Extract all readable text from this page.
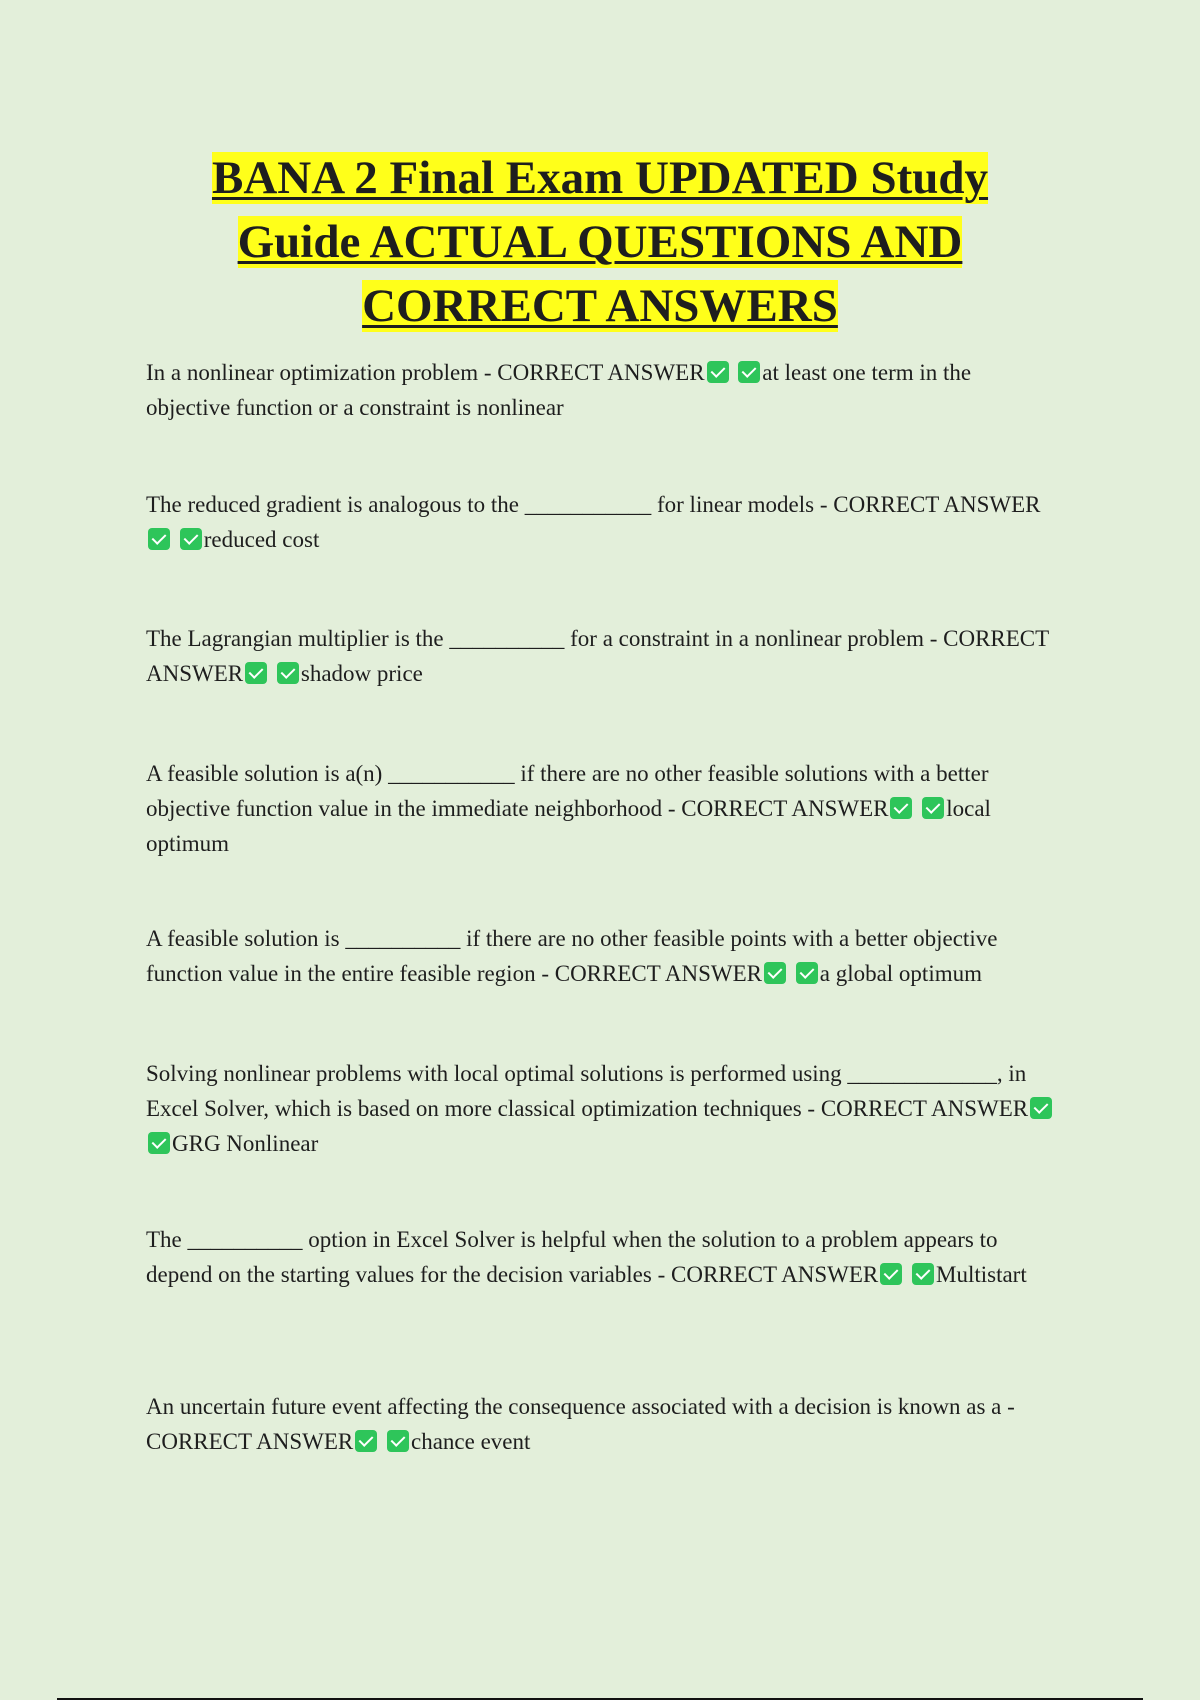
BANA 2 Final Exam UPDATED Study Guide ACTUAL QUESTIONS AND CORRECT ANSWERS

In a nonlinear optimization problem - CORRECT ANSWER	at least one term in the objective function or a constraint is nonlinear

The reduced gradient is analogous to the ___________ for linear models - CORRECT ANSWER reduced cost

The Lagrangian multiplier is the __________ for a constraint in a nonlinear problem - CORRECT ANSWER	shadow price

A feasible solution is a(n) ___________ if there are no other feasible solutions with a better objective function value in the immediate neighborhood - CORRECT ANSWER	local optimum

A feasible solution is __________ if there are no other feasible points with a better objective function value in the entire feasible region - CORRECT ANSWER	a global optimum

Solving nonlinear problems with local optimal solutions is performed using _____________, in Excel Solver, which is based on more classical optimization techniques - CORRECT ANSWER GRG Nonlinear

The __________ option in Excel Solver is helpful when the solution to a problem appears to depend on the starting values for the decision variables - CORRECT ANSWER	Multistart

An uncertain future event affecting the consequence associated with a decision is known as a - CORRECT ANSWER	chance event
